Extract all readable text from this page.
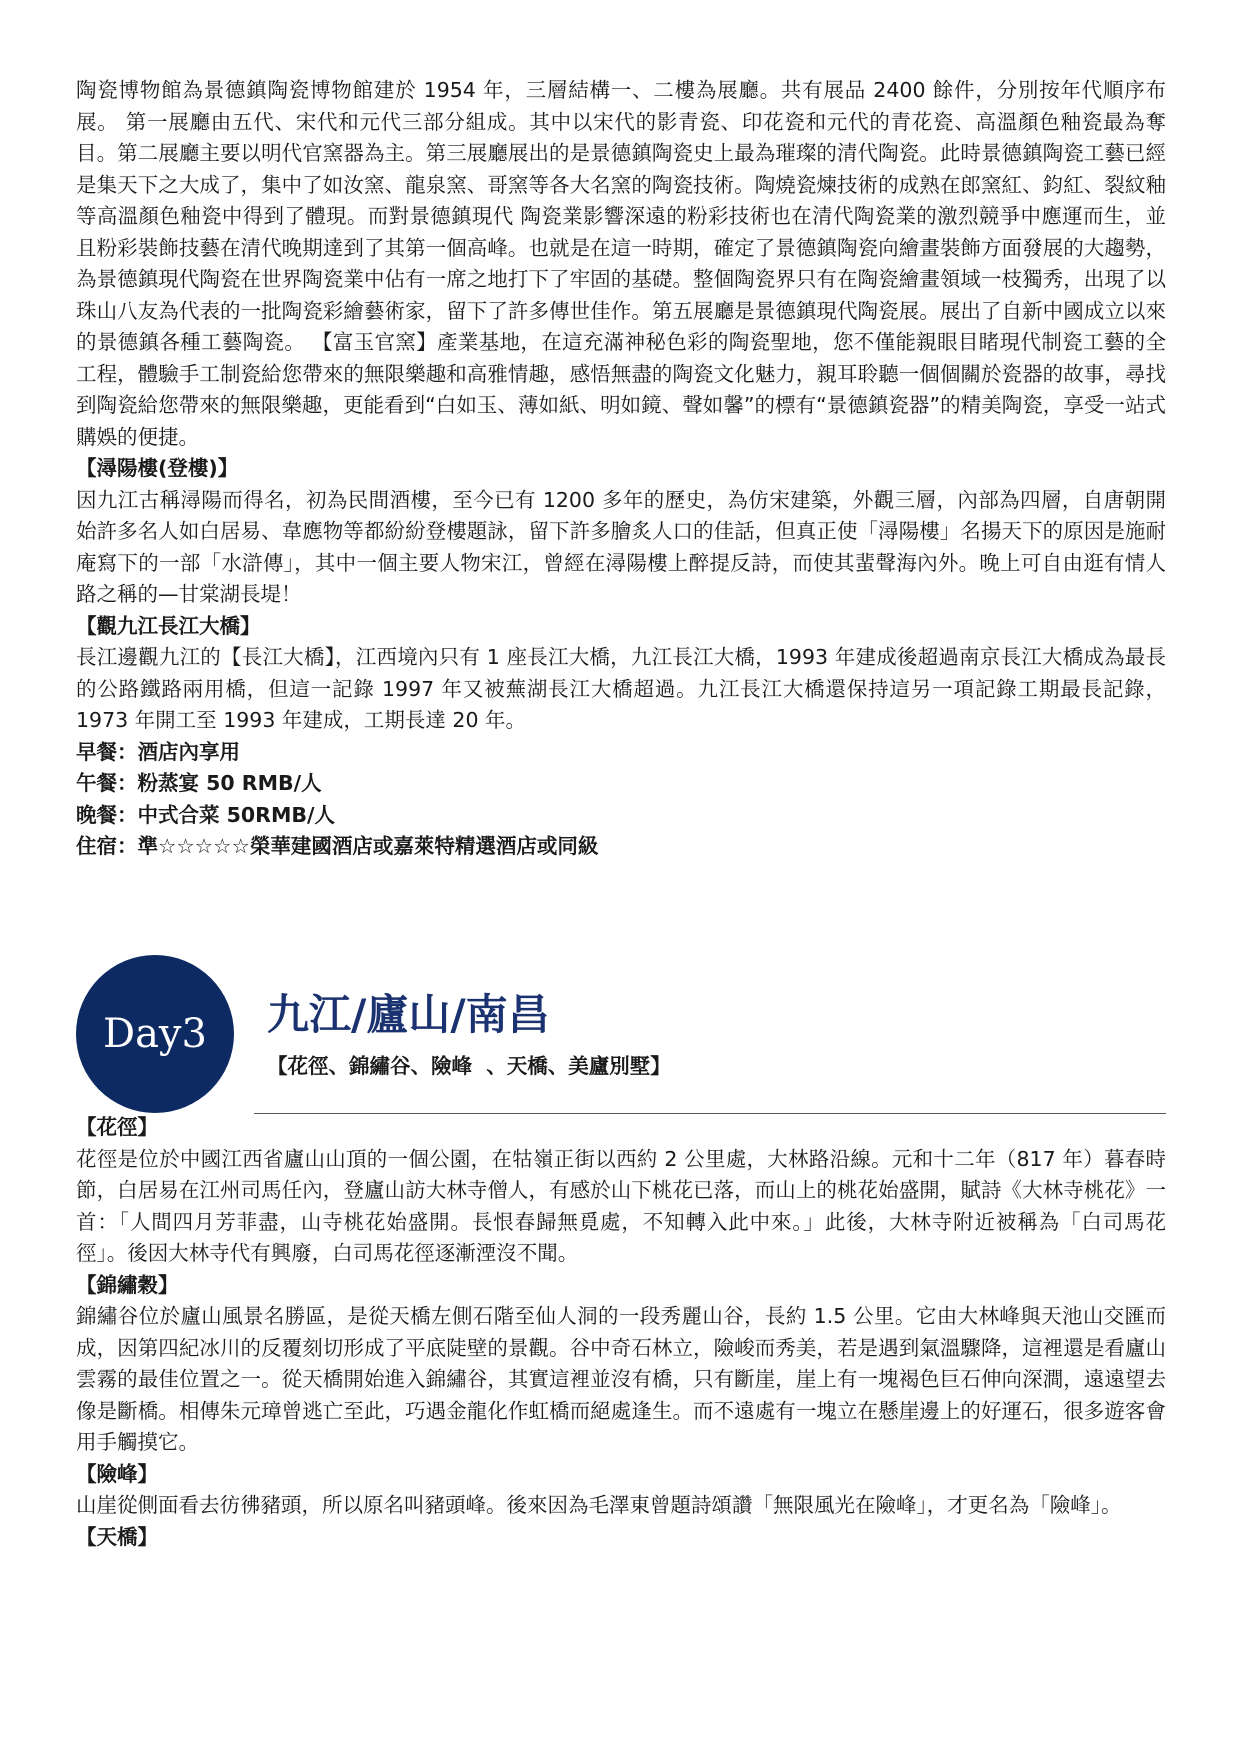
陶瓷博物館為景德鎮陶瓷博物館建於 1954 年，三層結構一、二樓為展廳。共有展品 2400 餘件，分別按年代順序布展。 第一展廳由五代、宋代和元代三部分組成。其中以宋代的影青瓷、印花瓷和元代的青花瓷、高溫顏色釉瓷最為奪目。第二展廳主要以明代官窯器為主。第三展廳展出的是景德鎮陶瓷史上最為璀璨的清代陶瓷。此時景德鎮陶瓷工藝已經是集天下之大成了，集中了如汝窯、龍泉窯、哥窯等各大名窯的陶瓷技術。陶燒瓷煉技術的成熟在郎窯紅、鈞紅、裂紋釉等高溫顏色釉瓷中得到了體現。而對景德鎮現代 陶瓷業影響深遠的粉彩技術也在清代陶瓷業的激烈競爭中應運而生，並且粉彩裝飾技藝在清代晚期達到了其第一個高峰。也就是在這一時期，確定了景德鎮陶瓷向繪畫裝飾方面發展的大趨勢，為景德鎮現代陶瓷在世界陶瓷業中佔有一席之地打下了牢固的基礎。整個陶瓷界只有在陶瓷繪畫領域一枝獨秀，出現了以珠山八友為代表的一批陶瓷彩繪藝術家，留下了許多傳世佳作。第五展廳是景德鎮現代陶瓷展。展出了自新中國成立以來的景德鎮各種工藝陶瓷。 【富玉官窯】產業基地，在這充滿神秘色彩的陶瓷聖地，您不僅能親眼目睹現代制瓷工藝的全工程，體驗手工制瓷給您帶來的無限樂趣和高雅情趣，感悟無盡的陶瓷文化魅力，親耳聆聽一個個關於瓷器的故事，尋找到陶瓷給您帶來的無限樂趣，更能看到“白如玉、薄如紙、明如鏡、聲如馨”的標有“景德鎮瓷器”的精美陶瓷，享受一站式購娛的便捷。

【潯陽樓(登樓)】

因九江古稱潯陽而得名，初為民間酒樓，至今已有 1200 多年的歷史，為仿宋建築，外觀三層，內部為四層，自唐朝開始許多名人如白居易、韋應物等都紛紛登樓題詠，留下許多膾炙人口的佳話，但真正使「潯陽樓」名揚天下的原因是施耐庵寫下的一部「水滸傳」，其中一個主要人物宋江，曾經在潯陽樓上醉提反詩，而使其蜚聲海內外。晚上可自由逛有情人路之稱的—甘棠湖長堤！

【觀九江長江大橋】

長江邊觀九江的【長江大橋】，江西境內只有 1 座長江大橋，九江長江大橋，1993 年建成後超過南京長江大橋成為最長的公路鐵路兩用橋，但這一記錄 1997 年又被蕪湖長江大橋超過。九江長江大橋還保持這另一項記錄工期最長記錄，1973 年開工至 1993 年建成，工期長達 20 年。

早餐：酒店內享用

午餐：粉蒸宴 50 RMB/人

晚餐：中式合菜 50RMB/人

住宿：準☆☆☆☆☆榮華建國酒店或嘉萊特精選酒店或同級

Day3 九江/廬山/南昌
【花徑、錦繡谷、險峰  、天橋、美廬別墅】

【花徑】

花徑是位於中國江西省廬山山頂的一個公園，在牯嶺正街以西約 2 公里處，大林路沿線。元和十二年（817 年）暮春時節，白居易在江州司馬任內，登廬山訪大林寺僧人，有感於山下桃花已落，而山上的桃花始盛開，賦詩《大林寺桃花》一首：「人間四月芳菲盡，山寺桃花始盛開。長恨春歸無覓處，不知轉入此中來。」此後，大林寺附近被稱為「白司馬花徑」。後因大林寺代有興廢，白司馬花徑逐漸湮沒不聞。

【錦繡穀】

錦繡谷位於廬山風景名勝區，是從天橋左側石階至仙人洞的一段秀麗山谷，長約 1.5 公里。它由大林峰與天池山交匯而成，因第四紀冰川的反覆刻切形成了平底陡壁的景觀。谷中奇石林立，險峻而秀美，若是遇到氣溫驟降，這裡還是看廬山雲霧的最佳位置之一。從天橋開始進入錦繡谷，其實這裡並沒有橋，只有斷崖，崖上有一塊褐色巨石伸向深澗，遠遠望去像是斷橋。相傳朱元璋曾逃亡至此，巧遇金龍化作虹橋而絕處逢生。而不遠處有一塊立在懸崖邊上的好運石，很多遊客會用手觸摸它。

【險峰】

山崖從側面看去彷彿豬頭，所以原名叫豬頭峰。後來因為毛澤東曾題詩頌讚「無限風光在險峰」，才更名為「險峰」。

【天橋】
